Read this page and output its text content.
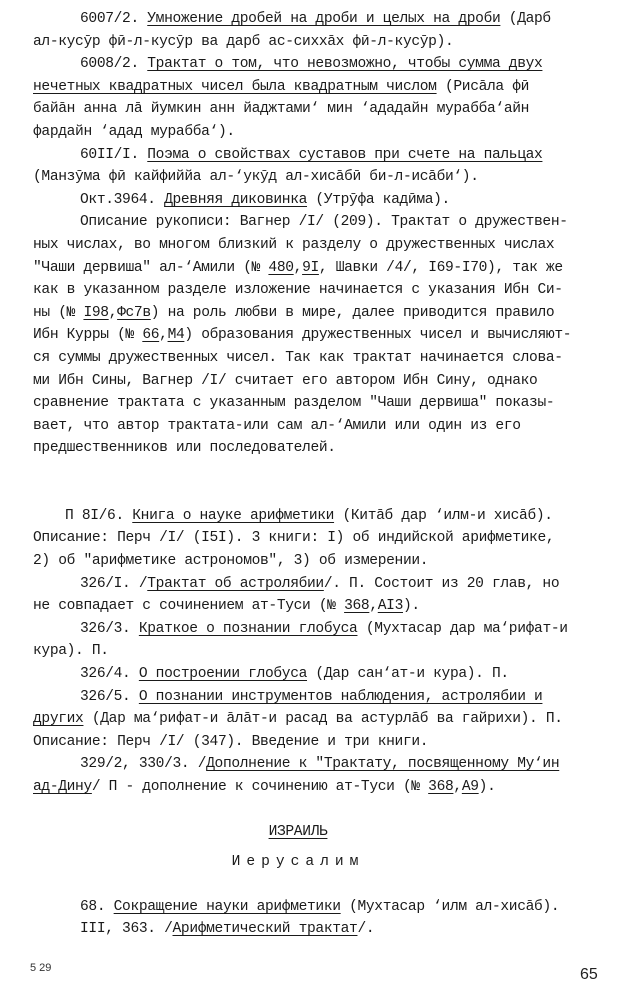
6007/2. Умножение дробей на дроби и целых на дроби (Дарб
ал-кусӯр фӣ-л-кусӯр ва дарб ас-сиххāх фӣ-л-кусӯр).
6008/2. Трактат о том, что невозможно, чтобы сумма двух
нечетных квадратных чисел была квадратным числом (Рисāла фӣ
байāн анна лā йумкин анн йаджтами‘ мин ‘ададайн мурабба‘айн
фардайн ‘адад мурабба‘).
60II/I. Поэма о свойствах суставов при счете на пальцах
(Манзӯма фӣ кайфиййа ал-‘укӯд ал-хисāбӣ би-л-исāби‘).
Окт.3964. Древняя диковинка (Утрӯфа кадӣма).
Описание рукописи: Вагнер /I/ (209). Трактат о дружествен-
ных числах, во многом близкий к разделу о дружественных числах
"Чаши дервиша" ал-‘Амили (№ 480,9I, Шавки /4/, I69-I70), так же
как в указанном разделе изложение начинается с указания Ибн Си-
ны (№ I98,Фс7в) на роль любви в мире, далее приводится правило
Ибн Курры (№ 66,М4) образования дружественных чисел и вычисляют-
ся суммы дружественных чисел. Так как трактат начинается слова-
ми Ибн Сины, Вагнер /I/ считает его автором Ибн Сину, однако
сравнение трактата с указанным разделом "Чаши дервиша" показы-
вает, что автор трактата-или сам ал-‘Амили или один из его
предшественников или последователей.
П 8I/6. Книга о науке арифметики (Китāб дар ‘илм-и хисāб).
Описание: Перч /I/ (I5I). 3 книги: I) об индийской арифметике,
2) об "арифметике астрономов", 3) об измерении.
326/I. /Трактат об астролябии/. П. Состоит из 20 глав, но
не совпадает с сочинением ат-Туси (№ 368,АI3).
326/3. Краткое о познании глобуса (Мухтасар дар ма‘рифат-и
кура). П.
326/4. О построении глобуса (Дар сан‘ат-и кура). П.
326/5. О познании инструментов наблюдения, астролябии и
других (Дар ма‘рифат-и āлāт-и расад ва астурлāб ва гайрихи). П.
Описание: Перч /I/ (347). Введение и три книги.
329/2, 330/3. /Дополнение к "Трактату, посвященному Му‘ин
ад-Дину/ П - дополнение к сочинению ат-Туси (№ 368,А9).
ИЗРАИЛЬ
Иерусалим
68. Сокращение науки арифметики (Мухтасар ‘илм ал-хисāб).
III, 363. /Арифметический трактат/.
5 29	65
